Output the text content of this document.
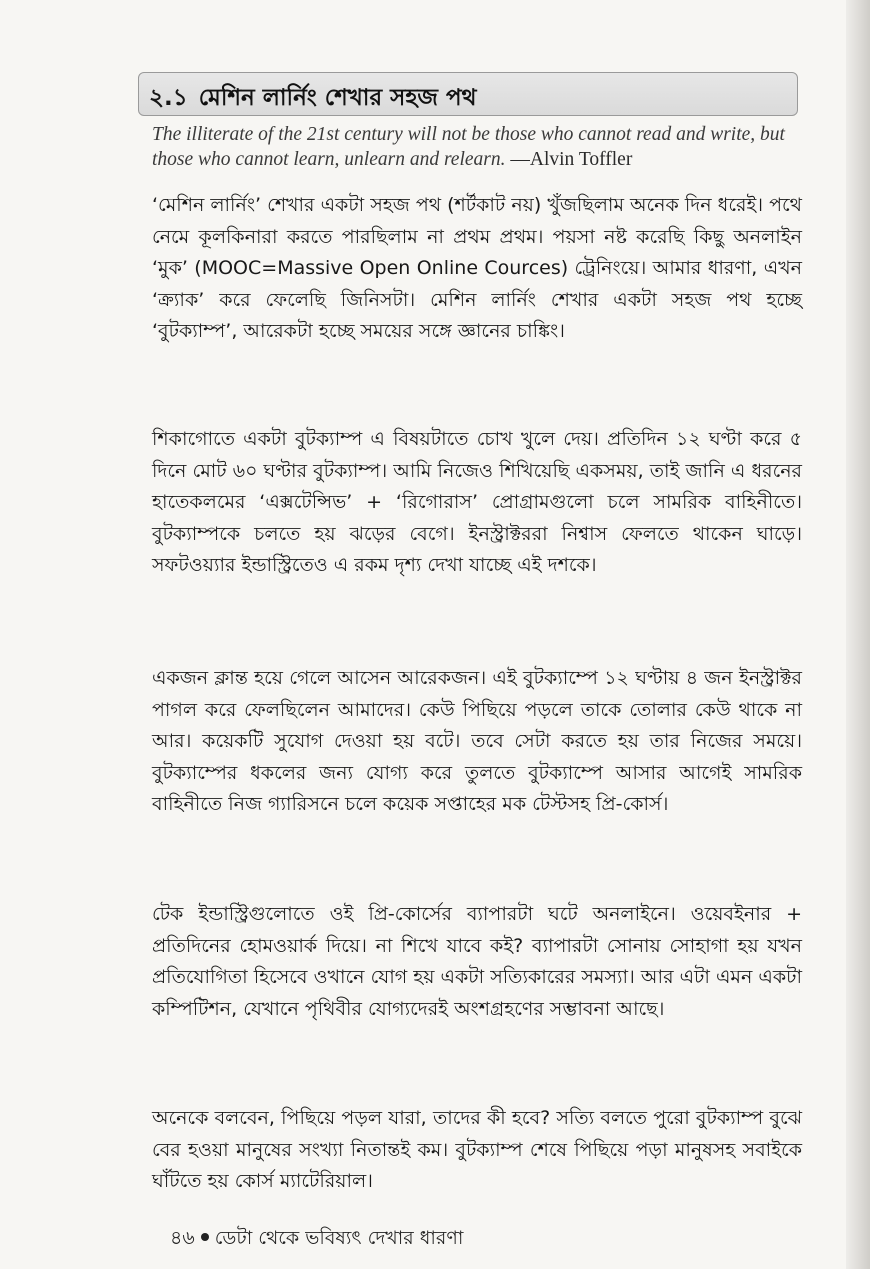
২.১ মেশিন লার্নিং শেখার সহজ পথ
The illiterate of the 21st century will not be those who cannot read and write, but those who cannot learn, unlearn and relearn. —Alvin Toffler

‘মেশিন লার্নিং’ শেখার একটা সহজ পথ (শর্টকাট নয়) খুঁজছিলাম অনেক দিন ধরেই। পথে নেমে কূলকিনারা করতে পারছিলাম না প্রথম প্রথম। পয়সা নষ্ট করেছি কিছু অনলাইন ‘মুক’ (MOOC=Massive Open Online Cources) ট্রেনিংয়ে। আমার ধারণা, এখন ‘ক্র্যাক’ করে ফেলেছি জিনিসটা। মেশিন লার্নিং শেখার একটা সহজ পথ হচ্ছে ‘বুটক্যাম্প’, আরেকটা হচ্ছে সময়ের সঙ্গে জ্ঞানের চাঙ্কিং।

শিকাগোতে একটা বুটক্যাম্প এ বিষয়টাতে চোখ খুলে দেয়। প্রতিদিন ১২ ঘণ্টা করে ৫ দিনে মোট ৬০ ঘণ্টার বুটক্যাম্প। আমি নিজেও শিখিয়েছি একসময়, তাই জানি এ ধরনের হাতেকলমের ‘এক্সটেন্সিভ’ + ‘রিগোরাস’ প্রোগ্রামগুলো চলে সামরিক বাহিনীতে। বুটক্যাম্পকে চলতে হয় ঝড়ের বেগে। ইনস্ট্রাক্টররা নিশ্বাস ফেলতে থাকেন ঘাড়ে। সফটওয়্যার ইন্ডাস্ট্রিতেও এ রকম দৃশ্য দেখা যাচ্ছে এই দশকে।

একজন ক্লান্ত হয়ে গেলে আসেন আরেকজন। এই বুটক্যাম্পে ১২ ঘণ্টায় ৪ জন ইনস্ট্রাক্টর পাগল করে ফেলছিলেন আমাদের। কেউ পিছিয়ে পড়লে তাকে তোলার কেউ থাকে না আর। কয়েকটি সুযোগ দেওয়া হয় বটে। তবে সেটা করতে হয় তার নিজের সময়ে। বুটক্যাম্পের ধকলের জন্য যোগ্য করে তুলতে বুটক্যাম্পে আসার আগেই সামরিক বাহিনীতে নিজ গ্যারিসনে চলে কয়েক সপ্তাহের মক টেস্টসহ প্রি-কোর্স।

টেক ইন্ডাস্ট্রিগুলোতে ওই প্রি-কোর্সের ব্যাপারটা ঘটে অনলাইনে। ওয়েবইনার + প্রতিদিনের হোমওয়ার্ক দিয়ে। না শিখে যাবে কই? ব্যাপারটা সোনায় সোহাগা হয় যখন প্রতিযোগিতা হিসেবে ওখানে যোগ হয় একটা সত্যিকারের সমস্যা। আর এটা এমন একটা কম্পিটিশন, যেখানে পৃথিবীর যোগ্যদেরই অংশগ্রহণের সম্ভাবনা আছে।

অনেকে বলবেন, পিছিয়ে পড়ল যারা, তাদের কী হবে? সত্যি বলতে পুরো বুটক্যাম্প বুঝে বের হওয়া মানুষের সংখ্যা নিতান্তই কম। বুটক্যাম্প শেষে পিছিয়ে পড়া মানুষসহ সবাইকে ঘাঁটতে হয় কোর্স ম্যাটেরিয়াল।

৪৬ ডেটা থেকে ভবিষ্যৎ দেখার ধারণা
